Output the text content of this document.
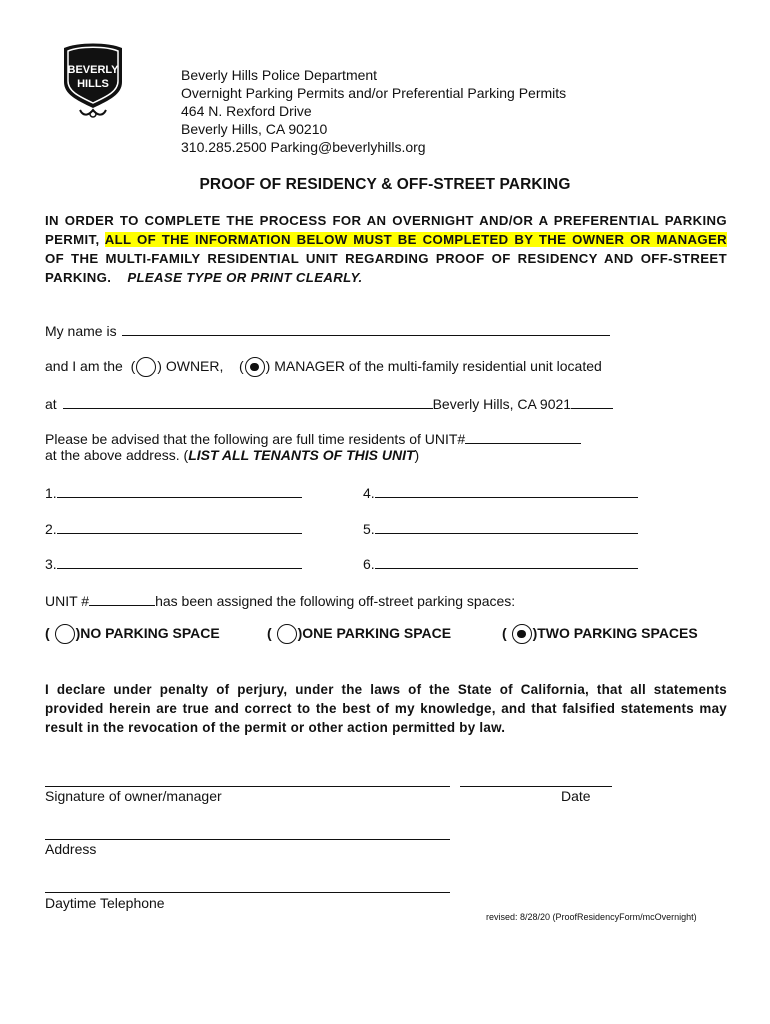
BEVERLY
HILLS
Beverly Hills Police Department
Overnight Parking Permits and/or Preferential Parking Permits
464 N. Rexford Drive
Beverly Hills, CA 90210
310.285.2500 Parking@beverlyhills.org
PROOF OF RESIDENCY & OFF-STREET PARKING
IN ORDER TO COMPLETE THE PROCESS FOR AN OVERNIGHT AND/OR A PREFERENTIAL PARKING PERMIT, ALL OF THE INFORMATION BELOW MUST BE COMPLETED BY THE OWNER OR MANAGER OF THE MULTI-FAMILY RESIDENTIAL UNIT REGARDING PROOF OF RESIDENCY AND OFF-STREET PARKING. PLEASE TYPE OR PRINT CLEARLY.
My name is
and I am the  ( ) OWNER,    ( ) MANAGER of the multi-family residential unit located
at	Beverly Hills, CA 9021
Please be advised that the following are full time residents of UNIT#
at the above address. (LIST ALL TENANTS OF THIS UNIT)
1.
2.
3.
4.
5.
6.
UNIT #	has been assigned the following off-street parking spaces:
( )NO PARKING SPACE	( )ONE PARKING SPACE	( )TWO PARKING SPACES
I declare under penalty of perjury, under the laws of the State of California, that all statements provided herein are true and correct to the best of my knowledge, and that falsified statements may result in the revocation of the permit or other action permitted by law.
Signature of owner/manager	Date
Address
Daytime Telephone
revised: 8/28/20 (ProofResidencyForm/mcOvernight)
